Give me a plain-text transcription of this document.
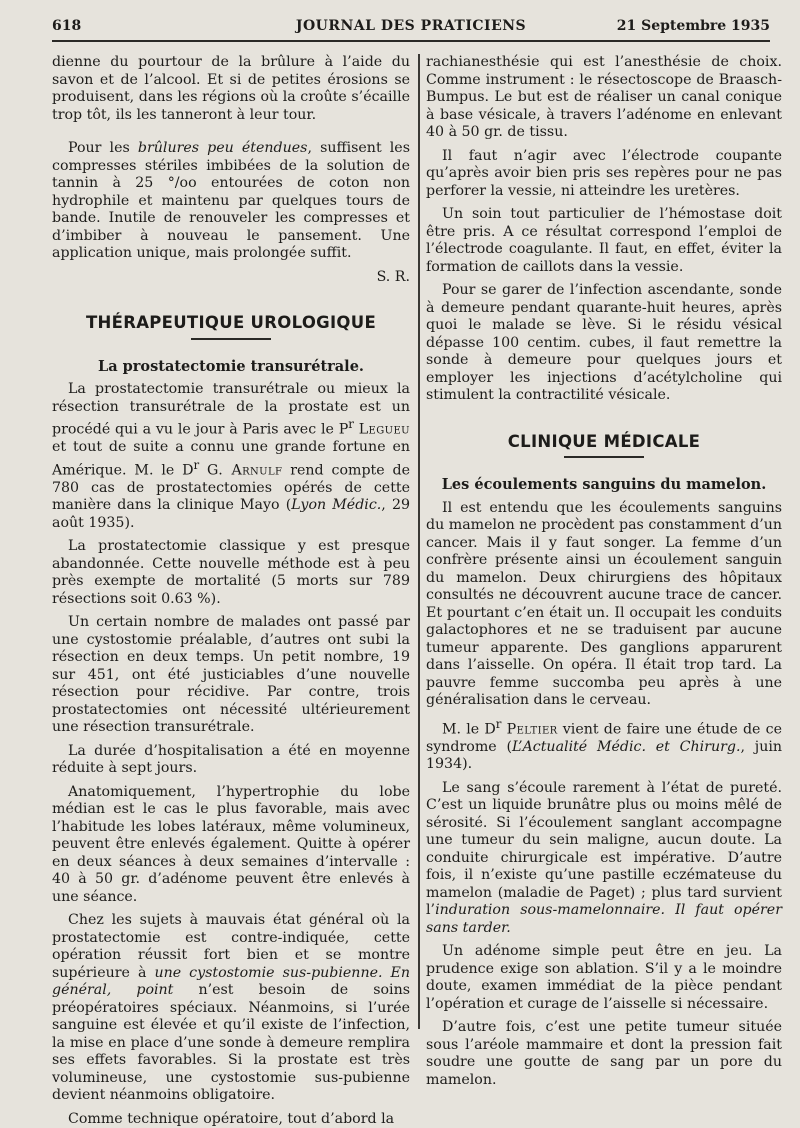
618	JOURNAL DES PRATICIENS	21 Septembre 1935

dienne du pourtour de la brûlure à l’aide du savon et de l’alcool. Et si de petites érosions se produisent, dans les régions où la croûte s’écaille trop tôt, ils les tanneront à leur tour.

Pour les brûlures peu étendues, suffisent les compresses stériles imbibées de la solution de tannin à 25 °/oo entourées de coton non hydrophile et maintenu par quelques tours de bande. Inutile de renouveler les compresses et d’imbiber à nouveau le pansement. Une application unique, mais prolongée suffit.

S. R.
THÉRAPEUTIQUE UROLOGIQUE
La prostatectomie transurétrale.

La prostatectomie transurétrale ou mieux la résection transurétrale de la prostate est un procédé qui a vu le jour à Paris avec le $P^r$ Legueu et tout de suite a connu une grande fortune en Amérique. M. le $D^r$ G. Arnulf rend compte de 780 cas de prostatectomies opérés de cette manière dans la clinique Mayo (Lyon Médic., 29 août 1935).

La prostatectomie classique y est presque abandonnée. Cette nouvelle méthode est à peu près exempte de mortalité (5 morts sur 789 résections soit 0.63 %).

Un certain nombre de malades ont passé par une cystostomie préalable, d’autres ont subi la résection en deux temps. Un petit nombre, 19 sur 451, ont été justiciables d’une nouvelle résection pour récidive. Par contre, trois prostatectomies ont nécessité ultérieurement une résection transurétrale.

La durée d’hospitalisation a été en moyenne réduite à sept jours.

Anatomiquement, l’hypertrophie du lobe médian est le cas le plus favorable, mais avec l’habitude les lobes latéraux, même volumineux, peuvent être enlevés également. Quitte à opérer en deux séances à deux semaines d’intervalle : 40 à 50 gr. d’adénome peuvent être enlevés à une séance.

Chez les sujets à mauvais état général où la prostatectomie est contre-indiquée, cette opération réussit fort bien et se montre supérieure à une cystostomie sus-pubienne. En général, point n’est besoin de soins préopératoires spéciaux. Néanmoins, si l’urée sanguine est élevée et qu’il existe de l’infection, la mise en place d’une sonde à demeure remplira ses effets favorables. Si la prostate est très volumineuse, une cystostomie sus-pubienne devient néanmoins obligatoire.

Comme technique opératoire, tout d’abord la

rachianesthésie qui est l’anesthésie de choix. Comme instrument : le résectoscope de Braasch-Bumpus. Le but est de réaliser un canal conique à base vésicale, à travers l’adénome en enlevant 40 à 50 gr. de tissu.

Il faut n’agir avec l’électrode coupante qu’après avoir bien pris ses repères pour ne pas perforer la vessie, ni atteindre les uretères.

Un soin tout particulier de l’hémostase doit être pris. A ce résultat correspond l’emploi de l’électrode coagulante. Il faut, en effet, éviter la formation de caillots dans la vessie.

Pour se garer de l’infection ascendante, sonde à demeure pendant quarante-huit heures, après quoi le malade se lève. Si le résidu vésical dépasse 100 centim. cubes, il faut remettre la sonde à demeure pour quelques jours et employer les injections d’acétylcholine qui stimulent la contractilité vésicale.

CLINIQUE MÉDICALE
Les écoulements sanguins du mamelon.

Il est entendu que les écoulements sanguins du mamelon ne procèdent pas constamment d’un cancer. Mais il y faut songer. La femme d’un confrère présente ainsi un écoulement sanguin du mamelon. Deux chirurgiens des hôpitaux consultés ne découvrent aucune trace de cancer. Et pourtant c’en était un. Il occupait les conduits galactophores et ne se traduisent par aucune tumeur apparente. Des ganglions apparurent dans l’aisselle. On opéra. Il était trop tard. La pauvre femme succomba peu après à une généralisation dans le cerveau.

M. le $D^r$ Peltier vient de faire une étude de ce syndrome (L’Actualité Médic. et Chirurg., juin 1934).

Le sang s’écoule rarement à l’état de pureté. C’est un liquide brunâtre plus ou moins mêlé de sérosité. Si l’écoulement sanglant accompagne une tumeur du sein maligne, aucun doute. La conduite chirurgicale est impérative. D’autre fois, il n’existe qu’une pastille eczémateuse du mamelon (maladie de Paget) ; plus tard survient l’induration sous-mamelonnaire. Il faut opérer sans tarder.

Un adénome simple peut être en jeu. La prudence exige son ablation. S’il y a le moindre doute, examen immédiat de la pièce pendant l’opération et curage de l’aisselle si nécessaire.

D’autre fois, c’est une petite tumeur située sous l’aréole mammaire et dont la pression fait soudre une goutte de sang par un pore du mamelon.
